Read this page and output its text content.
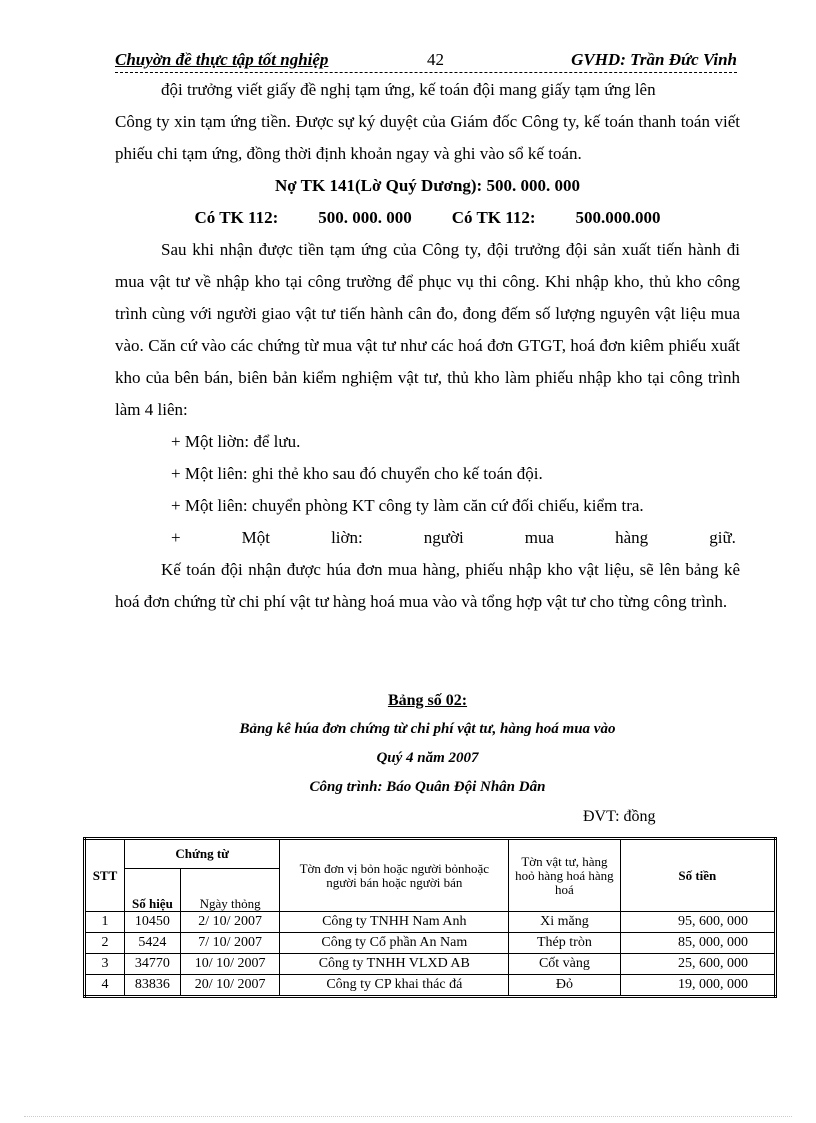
Chuyờn đề thực tập tốt nghiệp	42	GVHD: Trần Đức Vinh

đội trưởng viết giấy đề nghị tạm ứng, kế toán đội mang giấy tạm ứng lên

Công ty xin tạm ứng tiền. Được sự ký duyệt của Giám đốc Công ty, kế toán thanh toán viết phiếu chi tạm ứng, đồng thời định khoản ngay và ghi vào sổ kế toán.

Nợ TK 141(Lờ Quý Dương): 500. 000. 000

Có TK 112: 500. 000. 000 Có TK 112: 500.000.000

Sau khi nhận được tiền tạm ứng của Công ty, đội trưởng đội sản xuất tiến hành đi mua vật tư về nhập kho tại công trường để phục vụ thi công. Khi nhập kho, thủ kho công trình cùng với người giao vật tư tiến hành cân đo, đong đếm số lượng nguyên vật liệu mua vào. Căn cứ vào các chứng từ mua vật tư như các hoá đơn GTGT, hoá đơn kiêm phiếu xuất kho của bên bán, biên bản kiểm nghiệm vật tư, thủ kho làm phiếu nhập kho tại công trình làm 4 liên:

+ Một liờn: để lưu.

+ Một liên: ghi thẻ kho sau đó chuyển cho kế toán đội.

+ Một liên: chuyển phòng KT công ty làm căn cứ đối chiếu, kiểm tra.

+	Một	liờn:	người	mua	hàng	giữ.

Kế toán đội nhận được húa đơn mua hàng, phiếu nhập kho vật liệu, sẽ lên bảng kê hoá đơn chứng từ chi phí vật tư hàng hoá mua vào và tổng hợp vật tư cho từng công trình.

Bảng số 02:
Bảng kê húa đơn chứng từ chi phí vật tư, hàng hoá mua vào
Quý 4 năm 2007
Công trình: Báo Quân Đội Nhân Dân
ĐVT: đồng
STT	Chứng từ		Tờn đơn vị bỏn hoặc người bỏnhoặc người bán hoặc người bán	Tờn vật tư, hàng hoỏ hàng hoá hàng hoá	Số tiền
	Số hiệu	Ngày thỏng			
1	10450	2/ 10/ 2007	Công ty TNHH Nam Anh	Xi măng	95, 600, 000
2	5424	7/ 10/ 2007	Công ty Cổ phần An Nam	Thép tròn	85, 000, 000
3	34770	10/ 10/ 2007	Công ty TNHH VLXD AB	Cốt vàng	25, 600, 000
4	83836	20/ 10/ 2007	Công ty CP khai thác đá	Đỏ	19, 000, 000
